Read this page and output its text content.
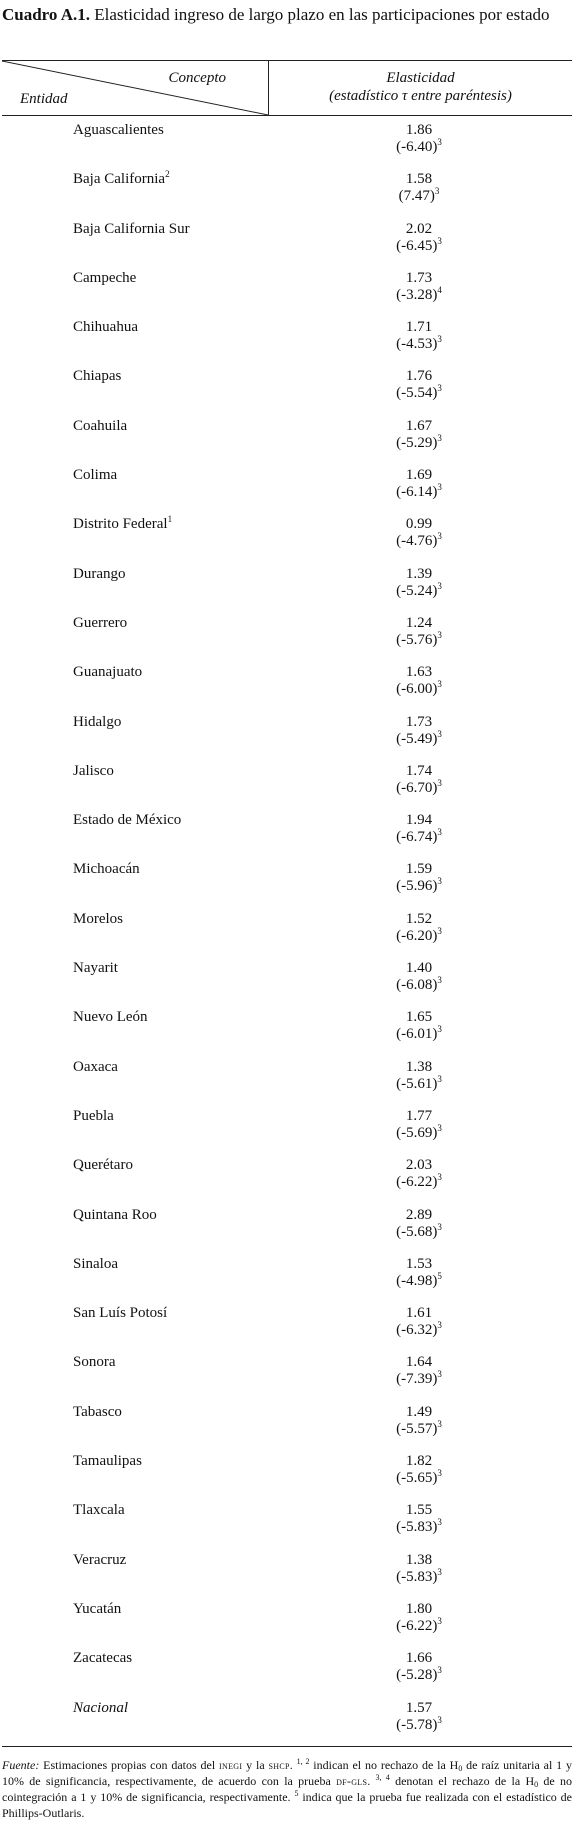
Cuadro A.1. Elasticidad ingreso de largo plazo en las participaciones por estado
Concepto
Entidad
Elasticidad
(estadístico τ entre paréntesis)
Aguascalientes	1.86
$(-6.40)^3$
Baja California$^2$	1.58
$(7.47)^3$
Baja California Sur	2.02
$(-6.45)^3$
Campeche	1.73
$(-3.28)^4$
Chihuahua	1.71
$(-4.53)^3$
Chiapas	1.76
$(-5.54)^3$
Coahuila	1.67
$(-5.29)^3$
Colima	1.69
$(-6.14)^3$
Distrito Federal$^1$	0.99
$(-4.76)^3$
Durango	1.39
$(-5.24)^3$
Guerrero	1.24
$(-5.76)^3$
Guanajuato	1.63
$(-6.00)^3$
Hidalgo	1.73
$(-5.49)^3$
Jalisco	1.74
$(-6.70)^3$
Estado de México	1.94
$(-6.74)^3$
Michoacán	1.59
$(-5.96)^3$
Morelos	1.52
$(-6.20)^3$
Nayarit	1.40
$(-6.08)^3$
Nuevo León	1.65
$(-6.01)^3$
Oaxaca	1.38
$(-5.61)^3$
Puebla	1.77
$(-5.69)^3$
Querétaro	2.03
$(-6.22)^3$
Quintana Roo	2.89
$(-5.68)^3$
Sinaloa	1.53
$(-4.98)^5$
San Luís Potosí	1.61
$(-6.32)^3$
Sonora	1.64
$(-7.39)^3$
Tabasco	1.49
$(-5.57)^3$
Tamaulipas	1.82
$(-5.65)^3$
Tlaxcala	1.55
$(-5.83)^3$
Veracruz	1.38
$(-5.83)^3$
Yucatán	1.80
$(-6.22)^3$
Zacatecas	1.66
$(-5.28)^3$
Nacional	1.57
$(-5.78)^3$
Fuente: Estimaciones propias con datos del inegi y la shcp. $^{1, 2}$ indican el no rechazo de la $H_0$ de raíz unitaria al 1 y 10% de significancia, respectivamente, de acuerdo con la prueba df-gls. $^{3, 4}$ denotan el rechazo de la $H_0$ de no cointegración a 1 y 10% de significancia, respectivamente. $^5$ indica que la prueba fue realizada con el estadístico de Phillips-Outlaris.
